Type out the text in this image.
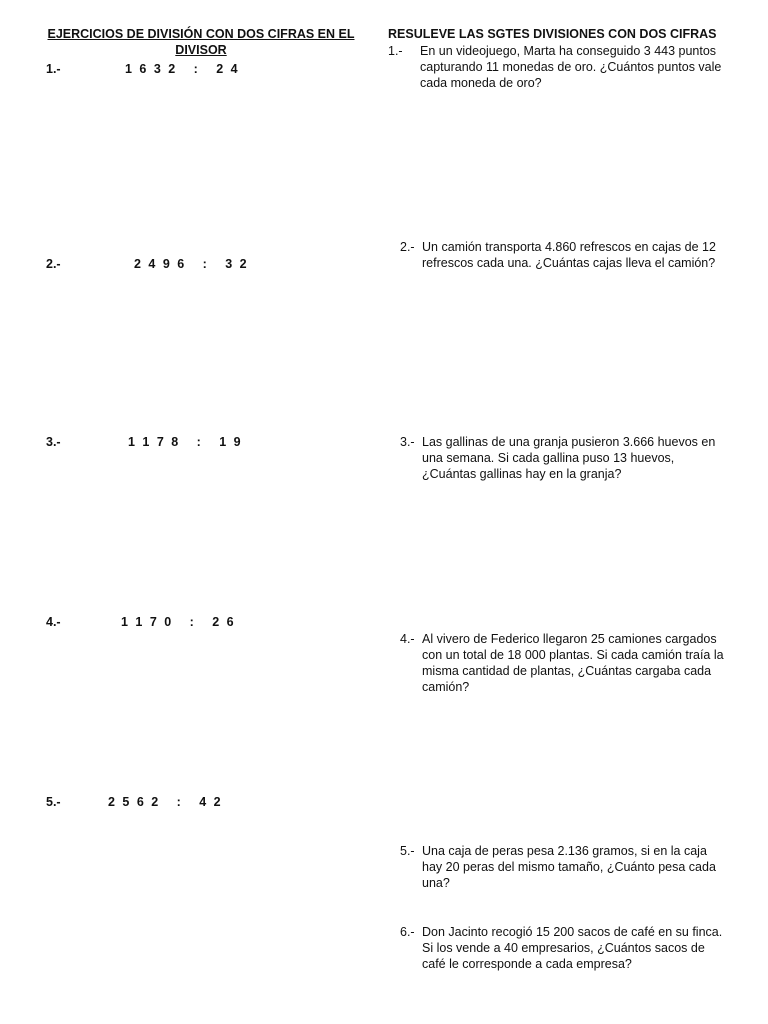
EJERCICIOS DE DIVISIÓN CON DOS CIFRAS EN EL DIVISOR
1.-	1 6 3 2   :   2 4
2.-	2 4 9 6   :   3 2
3.-	1 1 7 8   :   1 9
4.-	1 1 7 0   :   2 6
5.-	2 5 6 2   :   4 2
RESULEVE LAS SGTES DIVISIONES CON DOS CIFRAS
1.-	En un videojuego, Marta ha conseguido 3 443 puntos capturando 11 monedas de oro. ¿Cuántos puntos vale cada moneda de oro?
2.- Un camión transporta 4.860 refrescos en cajas de 12 refrescos cada una. ¿Cuántas cajas lleva el camión?
3.- Las gallinas de una granja pusieron 3.666 huevos en una semana. Si cada gallina puso 13 huevos, ¿Cuántas gallinas hay en la granja?
4.- Al vivero de Federico llegaron 25 camiones cargados con un total de 18 000 plantas. Si cada camión traía la misma cantidad de plantas, ¿Cuántas cargaba cada camión?
5.- Una caja de peras pesa 2.136 gramos, si en la caja hay 20 peras del mismo tamaño, ¿Cuánto pesa cada una?
6.- Don Jacinto recogió 15 200 sacos de café en su finca. Si los vende a 40 empresarios, ¿Cuántos sacos de café le corresponde a cada empresa?
